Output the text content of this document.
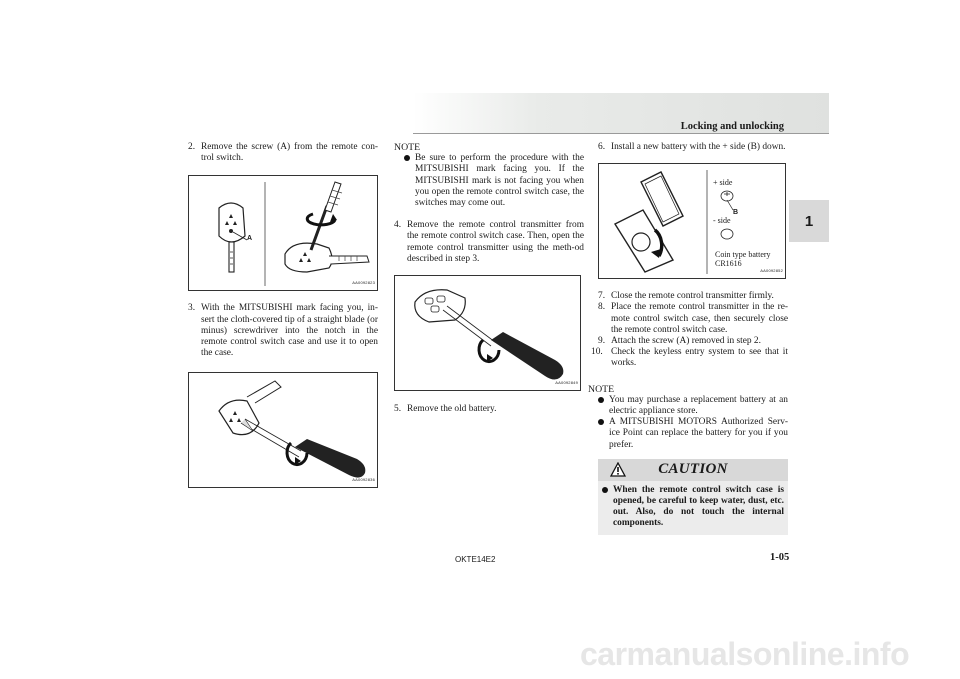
Locking and unlocking
1
2. Remove the screw (A) from the remote con-trol switch.
A
AA0092823
3. With the MITSUBISHI mark facing you, in-sert the cloth-covered tip of a straight blade (or minus) screwdriver into the notch in the remote control switch case and use it to open the case.
AA0092836
NOTE
Be sure to perform the procedure with the MITSUBISHI mark facing you. If the MITSUBISHI mark is not facing you when you open the remote control switch case, the switches may come out.
4. Remove the remote control transmitter from the remote control switch case. Then, open the remote control transmitter using the meth-od described in step 3.
AA0092849
5. Remove the old battery.
6. Install a new battery with the + side (B) down.
+ side
B
- side
Coin type battery
CR1616
AA0092852
7. Close the remote control transmitter firmly.
8. Place the remote control transmitter in the re-mote control switch case, then securely close the remote control switch case.
9. Attach the screw (A) removed in step 2.
10. Check the keyless entry system to see that it works.
NOTE
You may purchase a replacement battery at an electric appliance store.
A MITSUBISHI MOTORS Authorized Serv-ice Point can replace the battery for you if you prefer.
CAUTION
When the remote control switch case is opened, be careful to keep water, dust, etc. out. Also, do not touch the internal components.
OKTE14E2	1-05
carmanualsonline.info
